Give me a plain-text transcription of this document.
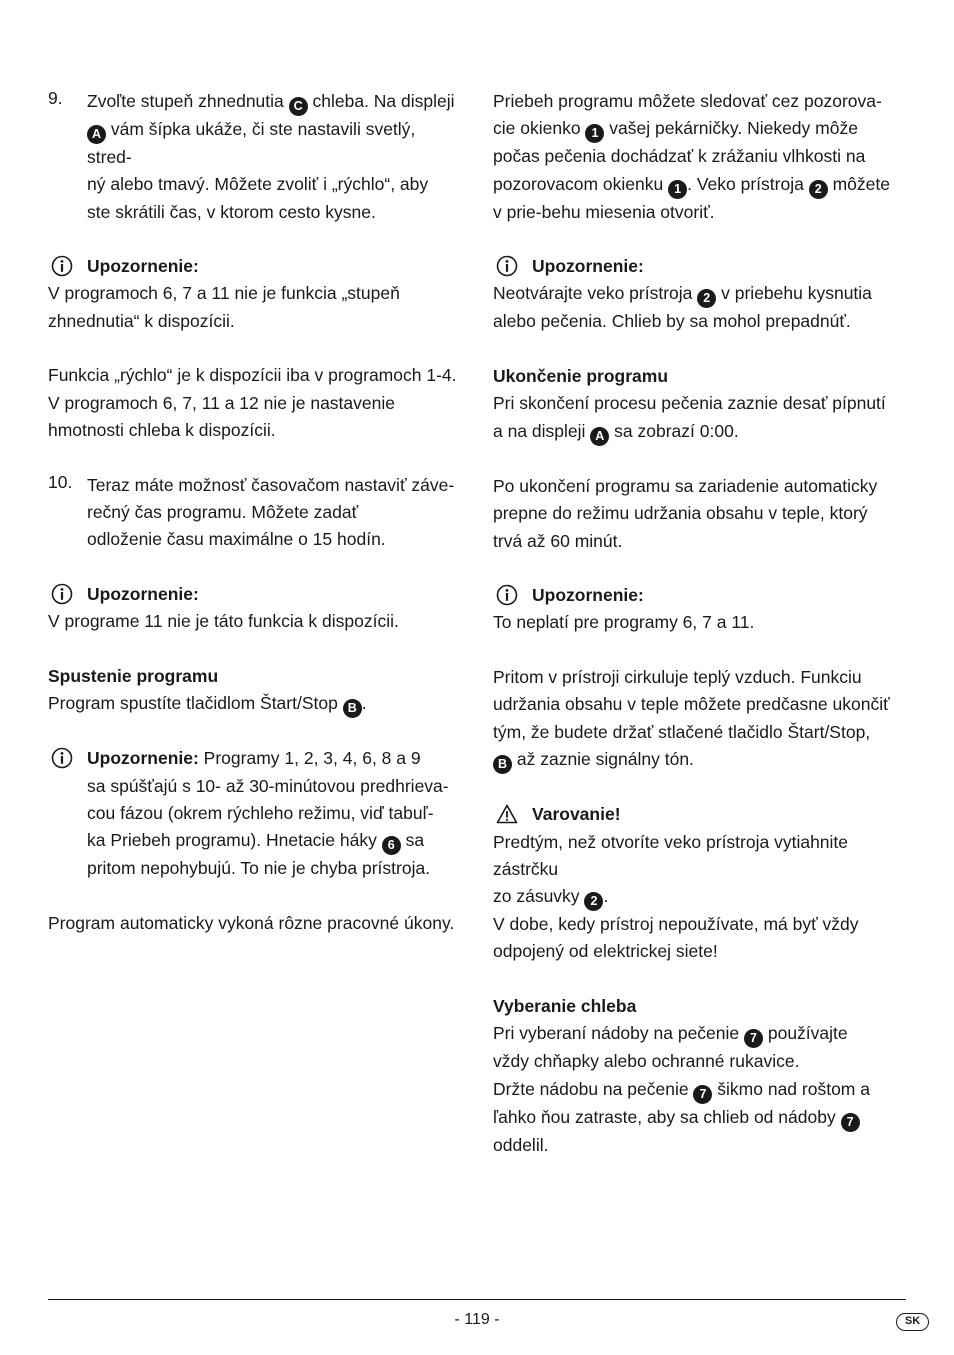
9. Zvoľte stupeň zhnednutia C chleba. Na displeji

A vám šípka ukáže, či ste nastavili svetlý, stred-

ný alebo tmavý. Môžete zvoliť i „rýchlo“, aby

ste skrátili čas, v ktorom cesto kysne.

Upozornenie:

V programoch 6, 7 a 11 nie je funkcia „stupeň

zhnednutia“ k dispozícii.

Funkcia „rýchlo“ je k dispozícii iba v programoch 1-4.

V programoch 6, 7, 11 a 12 nie je nastavenie

hmotnosti chleba k dispozícii.

10. Teraz máte možnosť časovačom nastaviť záve-

rečný čas programu. Môžete zadať

odloženie času maximálne o 15 hodín.

Upozornenie:

V programe 11 nie je táto funkcia k dispozícii.

Spustenie programu

Program spustíte tlačidlom Štart/Stop B .

Upozornenie: Programy 1, 2, 3, 4, 6, 8 a 9

sa spúšťajú s 10- až 30-minútovou predhrieva-

cou fázou (okrem rýchleho režimu, viď tabuľ-

ka Priebeh programu). Hnetacie háky 6 sa

pritom nepohybujú. To nie je chyba prístroja.

Program automaticky vykoná rôzne pracovné úkony.

Priebeh programu môžete sledovať cez pozorova-

cie okienko 1 vašej pekárničky. Niekedy môže

počas pečenia dochádzať k zrážaniu vlhkosti na

pozorovacom okienku 1 . Veko prístroja 2 môžete

v prie-behu miesenia otvoriť.

Upozornenie:

Neotvárajte veko prístroja 2 v priebehu kysnutia

alebo pečenia. Chlieb by sa mohol prepadnúť.

Ukončenie programu

Pri skončení procesu pečenia zaznie desať pípnutí

a na displeji A sa zobrazí 0:00.

Po ukončení programu sa zariadenie automaticky

prepne do režimu udržania obsahu v teple, ktorý

trvá až 60 minút.

Upozornenie:

To neplatí pre programy 6, 7 a 11.

Pritom v prístroji cirkuluje teplý vzduch. Funkciu

udržania obsahu v teple môžete predčasne ukončiť

tým, že budete držať stlačené tlačidlo Štart/Stop,

B až zaznie signálny tón.

Varovanie!

Predtým, než otvoríte veko prístroja vytiahnite zástrčku

zo zásuvky 2 .

V dobe, kedy prístroj nepoužívate, má byť vždy

odpojený od elektrickej siete!

Vyberanie chleba

Pri vyberaní nádoby na pečenie 7 používajte

vždy chňapky alebo ochranné rukavice.

Držte nádobu na pečenie 7 šikmo nad roštom a

ľahko ňou zatraste, aby sa chlieb od nádoby 7

oddelil.

- 119 -	SK
